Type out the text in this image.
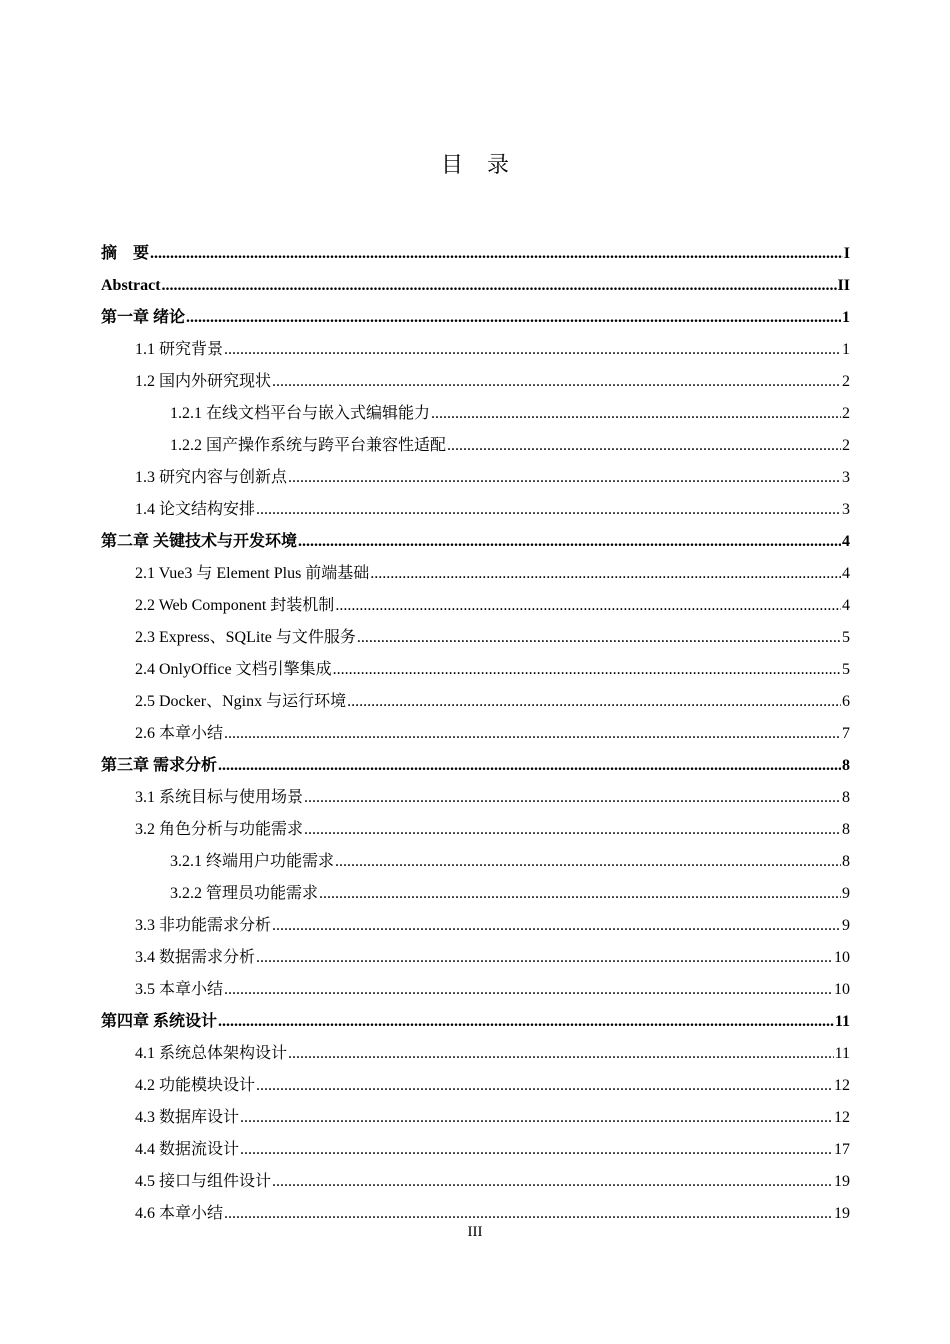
目录
摘　要 .....	I
Abstract .....	II
第一章 绪论 .....	1
1.1 研究背景 .....	1
1.2 国内外研究现状 .....	2
1.2.1 在线文档平台与嵌入式编辑能力 .....	2
1.2.2 国产操作系统与跨平台兼容性适配 .....	2
1.3 研究内容与创新点 .....	3
1.4 论文结构安排 .....	3
第二章 关键技术与开发环境 .....	4
2.1 Vue3 与 Element Plus 前端基础 .....	4
2.2 Web Component 封装机制 .....	4
2.3 Express、SQLite 与文件服务 .....	5
2.4 OnlyOffice 文档引擎集成 .....	5
2.5 Docker、Nginx 与运行环境 .....	6
2.6 本章小结 .....	7
第三章 需求分析 .....	8
3.1 系统目标与使用场景 .....	8
3.2 角色分析与功能需求 .....	8
3.2.1 终端用户功能需求 .....	8
3.2.2 管理员功能需求 .....	9
3.3 非功能需求分析 .....	9
3.4 数据需求分析 .....	10
3.5 本章小结 .....	10
第四章 系统设计 .....	11
4.1 系统总体架构设计 .....	11
4.2 功能模块设计 .....	12
4.3 数据库设计 .....	12
4.4 数据流设计 .....	17
4.5 接口与组件设计 .....	19
4.6 本章小结 .....	19
III
